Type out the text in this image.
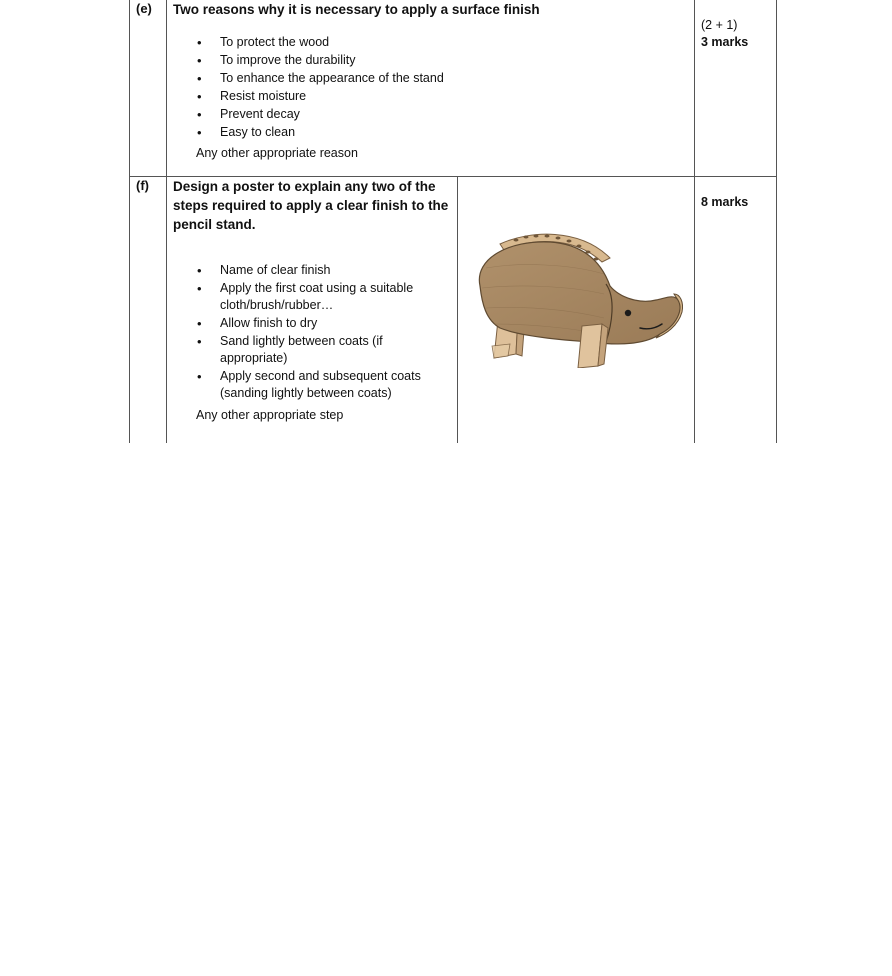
(e) Two reasons why it is necessary to apply a surface finish
• To protect the wood
• To improve the durability
• To enhance the appearance of the stand
• Resist moisture
• Prevent decay
• Easy to clean
Any other appropriate reason
(2 + 1)
3 marks
(f) Design a poster to explain any two of the steps required to apply a clear finish to the pencil stand.
• Name of clear finish
• Apply the first coat using a suitable cloth/brush/rubber…
• Allow finish to dry
• Sand lightly between coats (if appropriate)
• Apply second and subsequent coats (sanding lightly between coats)
Any other appropriate step
8 marks
